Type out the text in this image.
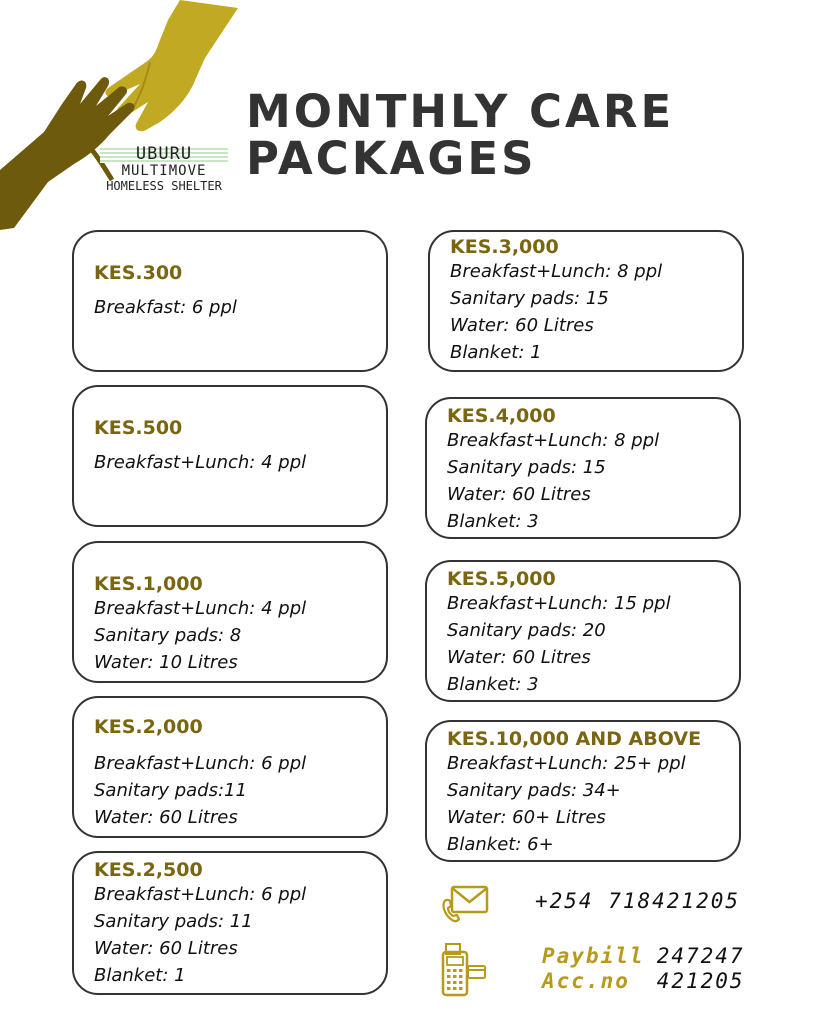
UBURU
MULTIMOVE
HOMELESS SHELTER
MONTHLY CARE
PACKAGES
KES.300
Breakfast: 6 ppl
KES.500
Breakfast+Lunch: 4 ppl
KES.1,000
Breakfast+Lunch: 4 ppl
Sanitary pads: 8
Water: 10 Litres
KES.2,000
Breakfast+Lunch: 6 ppl
Sanitary pads:11
Water: 60 Litres
KES.2,500
Breakfast+Lunch: 6 ppl
Sanitary pads: 11
Water: 60 Litres
Blanket: 1
KES.3,000
Breakfast+Lunch: 8 ppl
Sanitary pads: 15
Water: 60 Litres
Blanket: 1
KES.4,000
Breakfast+Lunch: 8 ppl
Sanitary pads: 15
Water: 60 Litres
Blanket: 3
KES.5,000
Breakfast+Lunch: 15 ppl
Sanitary pads: 20
Water: 60 Litres
Blanket: 3
KES.10,000 AND ABOVE
Breakfast+Lunch: 25+ ppl
Sanitary pads: 34+
Water: 60+ Litres
Blanket: 6+
+254 718421205
Paybill 247247
Acc.no 421205
